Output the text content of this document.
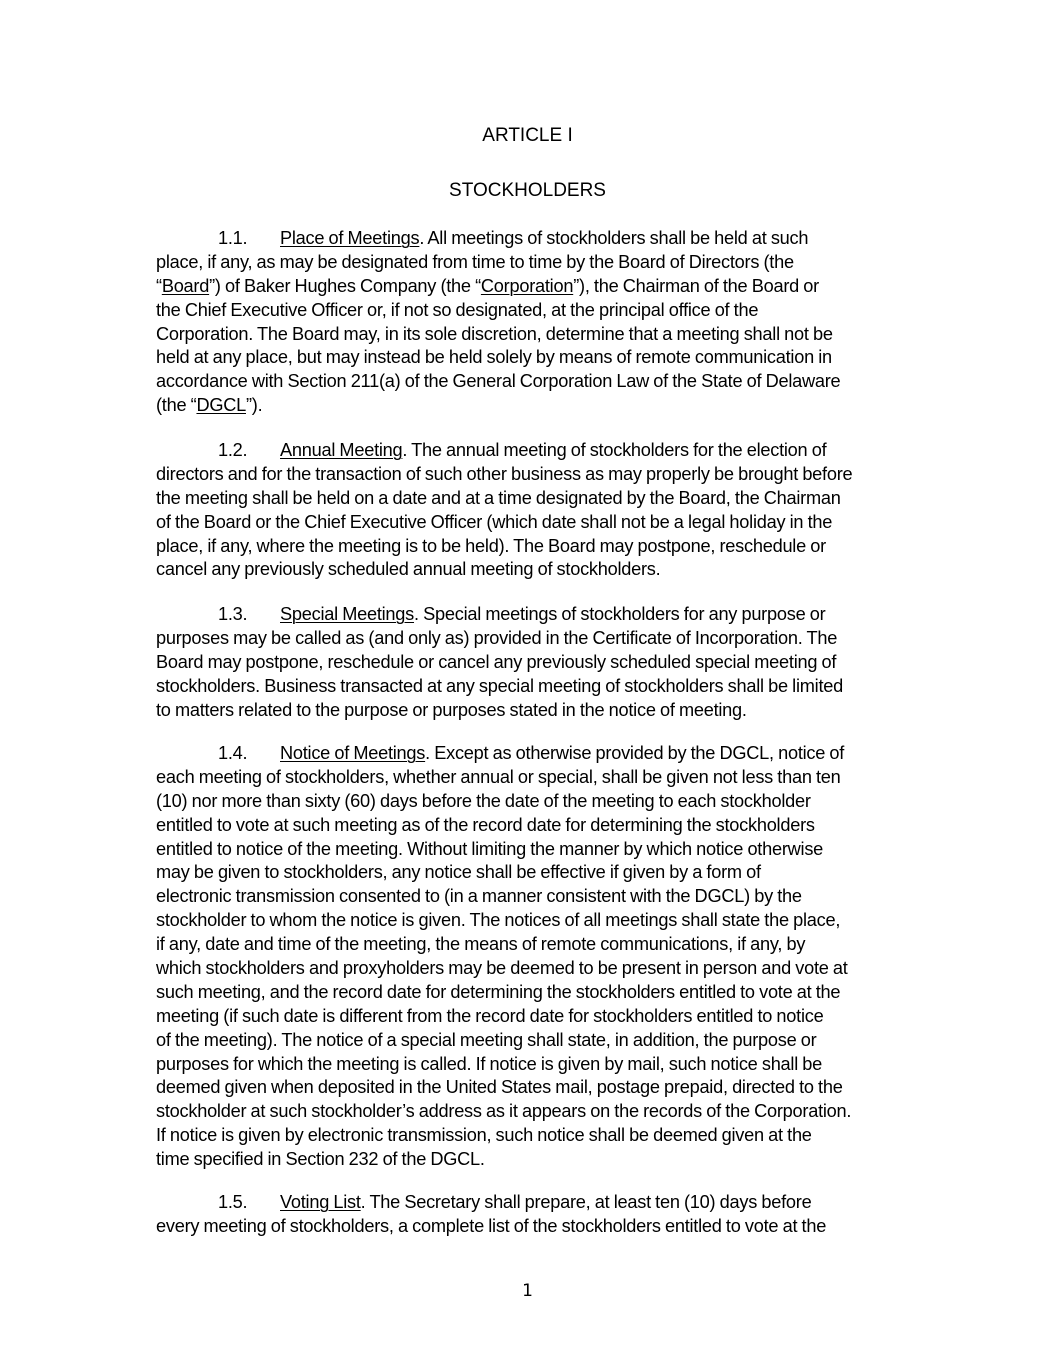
ARTICLE I
STOCKHOLDERS
1.1. Place of Meetings. All meetings of stockholders shall be held at such
place, if any, as may be designated from time to time by the Board of Directors (the
“Board”) of Baker Hughes Company (the “Corporation”), the Chairman of the Board or
the Chief Executive Officer or, if not so designated, at the principal office of the
Corporation. The Board may, in its sole discretion, determine that a meeting shall not be
held at any place, but may instead be held solely by means of remote communication in
accordance with Section 211(a) of the General Corporation Law of the State of Delaware
(the “DGCL”).
1.2. Annual Meeting. The annual meeting of stockholders for the election of
directors and for the transaction of such other business as may properly be brought before
the meeting shall be held on a date and at a time designated by the Board, the Chairman
of the Board or the Chief Executive Officer (which date shall not be a legal holiday in the
place, if any, where the meeting is to be held). The Board may postpone, reschedule or
cancel any previously scheduled annual meeting of stockholders.
1.3. Special Meetings. Special meetings of stockholders for any purpose or
purposes may be called as (and only as) provided in the Certificate of Incorporation. The
Board may postpone, reschedule or cancel any previously scheduled special meeting of
stockholders. Business transacted at any special meeting of stockholders shall be limited
to matters related to the purpose or purposes stated in the notice of meeting.
1.4. Notice of Meetings. Except as otherwise provided by the DGCL, notice of
each meeting of stockholders, whether annual or special, shall be given not less than ten
(10) nor more than sixty (60) days before the date of the meeting to each stockholder
entitled to vote at such meeting as of the record date for determining the stockholders
entitled to notice of the meeting. Without limiting the manner by which notice otherwise
may be given to stockholders, any notice shall be effective if given by a form of
electronic transmission consented to (in a manner consistent with the DGCL) by the
stockholder to whom the notice is given. The notices of all meetings shall state the place,
if any, date and time of the meeting, the means of remote communications, if any, by
which stockholders and proxyholders may be deemed to be present in person and vote at
such meeting, and the record date for determining the stockholders entitled to vote at the
meeting (if such date is different from the record date for stockholders entitled to notice
of the meeting). The notice of a special meeting shall state, in addition, the purpose or
purposes for which the meeting is called. If notice is given by mail, such notice shall be
deemed given when deposited in the United States mail, postage prepaid, directed to the
stockholder at such stockholder’s address as it appears on the records of the Corporation.
If notice is given by electronic transmission, such notice shall be deemed given at the
time specified in Section 232 of the DGCL.
1.5. Voting List. The Secretary shall prepare, at least ten (10) days before
every meeting of stockholders, a complete list of the stockholders entitled to vote at the
1
